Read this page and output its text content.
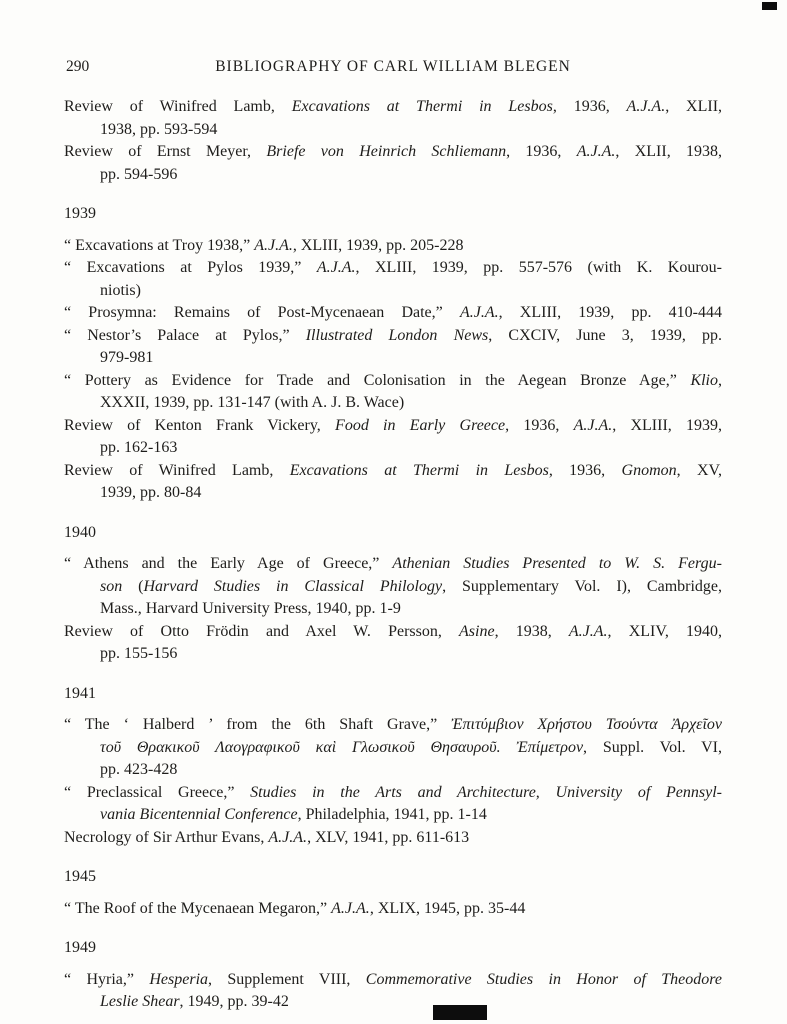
290	BIBLIOGRAPHY OF CARL WILLIAM BLEGEN
Review of Winifred Lamb, Excavations at Thermi in Lesbos, 1936, A.J.A., XLII,
1938, pp. 593-594
Review of Ernst Meyer, Briefe von Heinrich Schliemann, 1936, A.J.A., XLII, 1938,
pp. 594-596
1939
“ Excavations at Troy 1938,” A.J.A., XLIII, 1939, pp. 205-228
“ Excavations at Pylos 1939,” A.J.A., XLIII, 1939, pp. 557-576 (with K. Kourou-
niotis)
“ Prosymna: Remains of Post-Mycenaean Date,” A.J.A., XLIII, 1939, pp. 410-444
“ Nestor’s Palace at Pylos,” Illustrated London News, CXCIV, June 3, 1939, pp.
979-981
“ Pottery as Evidence for Trade and Colonisation in the Aegean Bronze Age,” Klio,
XXXII, 1939, pp. 131-147 (with A. J. B. Wace)
Review of Kenton Frank Vickery, Food in Early Greece, 1936, A.J.A., XLIII, 1939,
pp. 162-163
Review of Winifred Lamb, Excavations at Thermi in Lesbos, 1936, Gnomon, XV,
1939, pp. 80-84
1940
“ Athens and the Early Age of Greece,” Athenian Studies Presented to W. S. Fergu-
son (Harvard Studies in Classical Philology, Supplementary Vol. I), Cambridge,
Mass., Harvard University Press, 1940, pp. 1-9
Review of Otto Frödin and Axel W. Persson, Asine, 1938, A.J.A., XLIV, 1940,
pp. 155-156
1941
“ The ‘ Halberd ’ from the 6th Shaft Grave,” Ἐπιτύμβιον Χρήστου Τσούντα Ἀρχεῖον
τοῦ Θρακικοῦ Λαογραφικοῦ καὶ Γλωσικοῦ Θησαυροῦ. Ἐπίμετρον, Suppl. Vol. VI,
pp. 423-428
“ Preclassical Greece,” Studies in the Arts and Architecture, University of Pennsyl-
vania Bicentennial Conference, Philadelphia, 1941, pp. 1-14
Necrology of Sir Arthur Evans, A.J.A., XLV, 1941, pp. 611-613
1945
“ The Roof of the Mycenaean Megaron,” A.J.A., XLIX, 1945, pp. 35-44
1949
“ Hyria,” Hesperia, Supplement VIII, Commemorative Studies in Honor of Theodore
Leslie Shear, 1949, pp. 39-42
